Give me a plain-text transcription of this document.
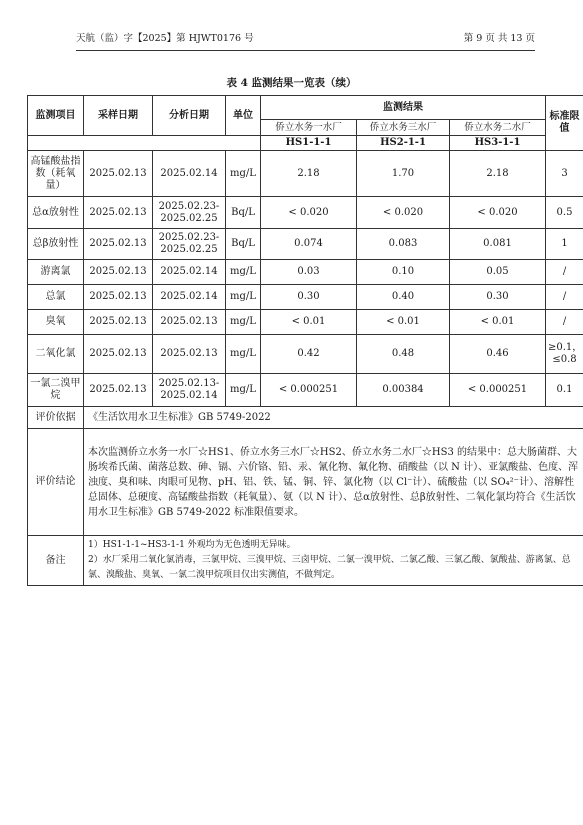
天航（监）字【2025】第 HJWT0176 号	第 9 页 共 13 页
表 4 监测结果一览表（续）
监测项目	采样日期	分析日期	单位	监测结果			标准限值
				侨立水务一水厂	侨立水务三水厂	侨立水务二水厂	
				HS1-1-1	HS2-1-1	HS3-1-1	
高锰酸盐指数（耗氧量）	2025.02.13	2025.02.14	mg/L	2.18	1.70	2.18	3
总α放射性	2025.02.13	2025.02.23-2025.02.25	Bq/L	< 0.020	< 0.020	< 0.020	0.5
总β放射性	2025.02.13	2025.02.23-2025.02.25	Bq/L	0.074	0.083	0.081	1
游离氯	2025.02.13	2025.02.14	mg/L	0.03	0.10	0.05	/
总氯	2025.02.13	2025.02.14	mg/L	0.30	0.40	0.30	/
臭氧	2025.02.13	2025.02.13	mg/L	< 0.01	< 0.01	< 0.01	/
二氧化氯	2025.02.13	2025.02.13	mg/L	0.42	0.48	0.46	≥0.1，≤0.8
一氯二溴甲烷	2025.02.13	2025.02.13-2025.02.14	mg/L	< 0.000251	0.00384	< 0.000251	0.1
评价依据	《生活饮用水卫生标准》GB 5749-2022						
评价结论	本次监测侨立水务一水厂☆HS1、侨立水务三水厂☆HS2、侨立水务二水厂☆HS3 的结果中：总大肠菌群、大肠埃希氏菌、菌落总数、砷、镉、六价铬、铅、汞、氰化物、氟化物、硝酸盐（以 N 计）、亚氯酸盐、色度、浑浊度、臭和味、肉眼可见物、pH、铝、铁、锰、铜、锌、氯化物（以 Cl⁻计）、硫酸盐（以 SO₄²⁻计）、溶解性总固体、总硬度、高锰酸盐指数（耗氧量）、氨（以 N 计）、总α放射性、总β放射性、二氧化氯均符合《生活饮用水卫生标准》GB 5749-2022 标准限值要求。						
备注	1）HS1-1-1~HS3-1-1 外观均为无色透明无异味。
2）水厂采用二氧化氯消毒，三氯甲烷、三溴甲烷、三卤甲烷、二氯一溴甲烷、二氯乙酸、三氯乙酸、氯酸盐、游离氯、总氯、溴酸盐、臭氧、一氯二溴甲烷项目仅出实测值，不做判定。						
